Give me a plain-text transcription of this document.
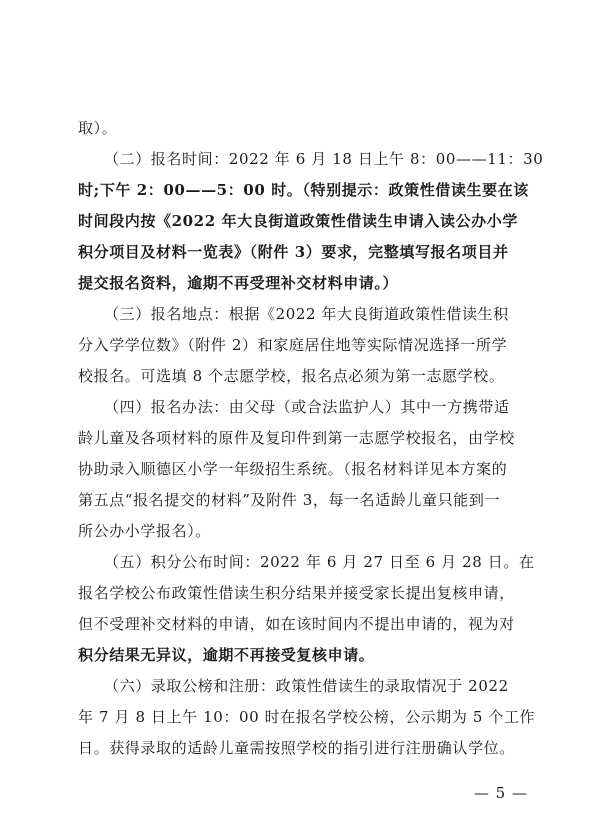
取）。
（二）报名时间：2022 年 6 月 18 日上午 8：00——11：30
时;下午 2：00——5：00 时。（特别提示：政策性借读生要在该
时间段内按《2022 年大良街道政策性借读生申请入读公办小学
积分项目及材料一览表》（附件 3）要求，完整填写报名项目并
提交报名资料，逾期不再受理补交材料申请。）
（三）报名地点：根据《2022 年大良街道政策性借读生积
分入学学位数》（附件 2）和家庭居住地等实际情况选择一所学
校报名。可选填 8 个志愿学校，报名点必须为第一志愿学校。
（四）报名办法：由父母（或合法监护人）其中一方携带适
龄儿童及各项材料的原件及复印件到第一志愿学校报名，由学校
协助录入顺德区小学一年级招生系统。（报名材料详见本方案的
第五点“报名提交的材料”及附件 3，每一名适龄儿童只能到一
所公办小学报名）。
（五）积分公布时间：2022 年 6 月 27 日至 6 月 28 日。在
报名学校公布政策性借读生积分结果并接受家长提出复核申请，
但不受理补交材料的申请，如在该时间内不提出申请的，视为对
积分结果无异议，逾期不再接受复核申请。
（六）录取公榜和注册：政策性借读生的录取情况于 2022
年 7 月 8 日上午 10：00 时在报名学校公榜，公示期为 5 个工作
日。获得录取的适龄儿童需按照学校的指引进行注册确认学位。
— 5 —
